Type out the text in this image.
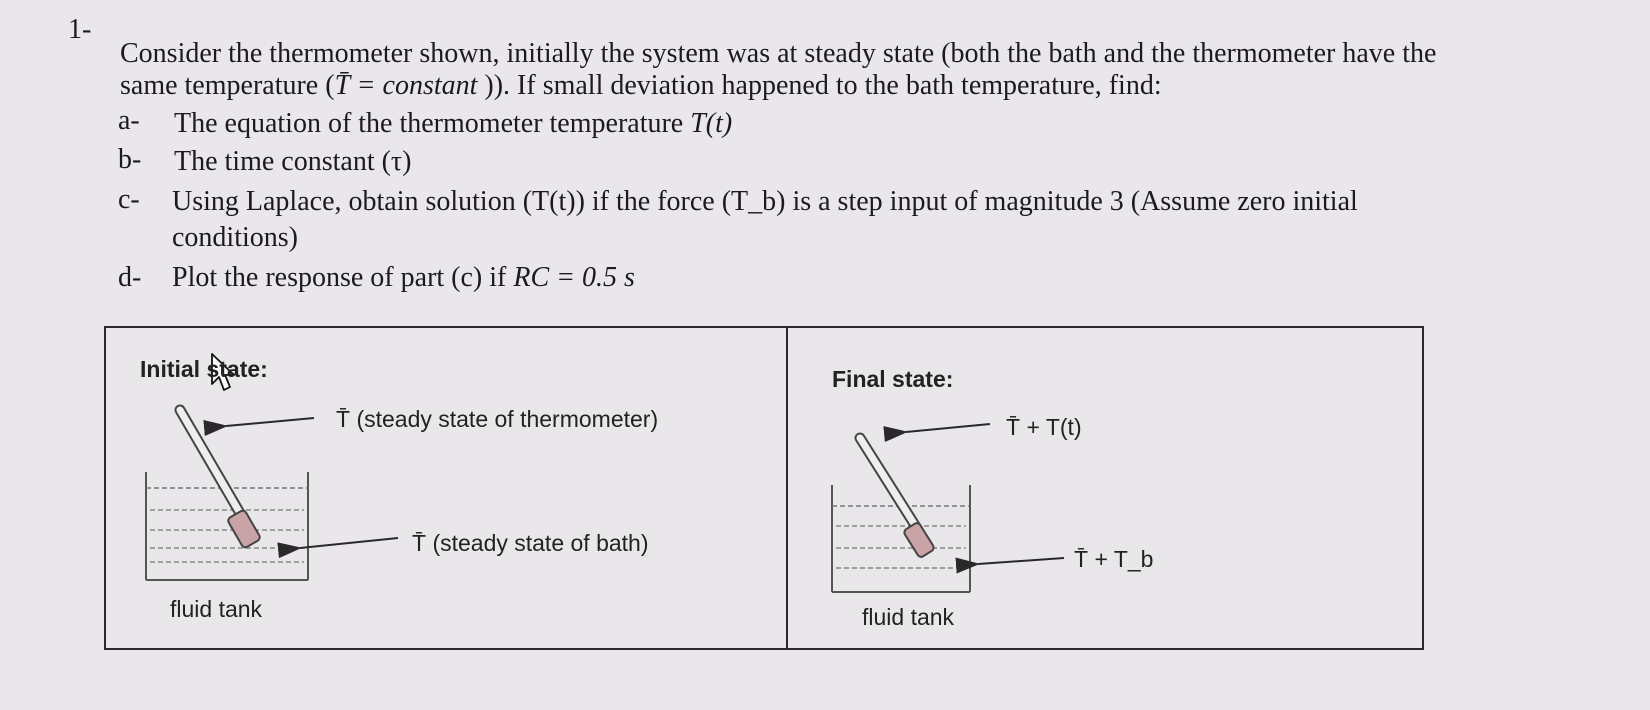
1-
Consider the thermometer shown, initially the system was at steady state (both the bath and the thermometer have the
same temperature (T̄ = constant )). If small deviation happened to the bath temperature, find:
a- The equation of the thermometer temperature T(t)
b- The time constant (τ)
c- Using Laplace, obtain solution (T(t)) if the force (T_b) is a step input of magnitude 3 (Assume zero initial
conditions)
d- Plot the response of part (c) if RC = 0.5 s
Initial state:
T̄ (steady state of thermometer)
T̄ (steady state of bath)
fluid tank
Final state:
T̄ + T(t)
T̄ + T_b
fluid tank
